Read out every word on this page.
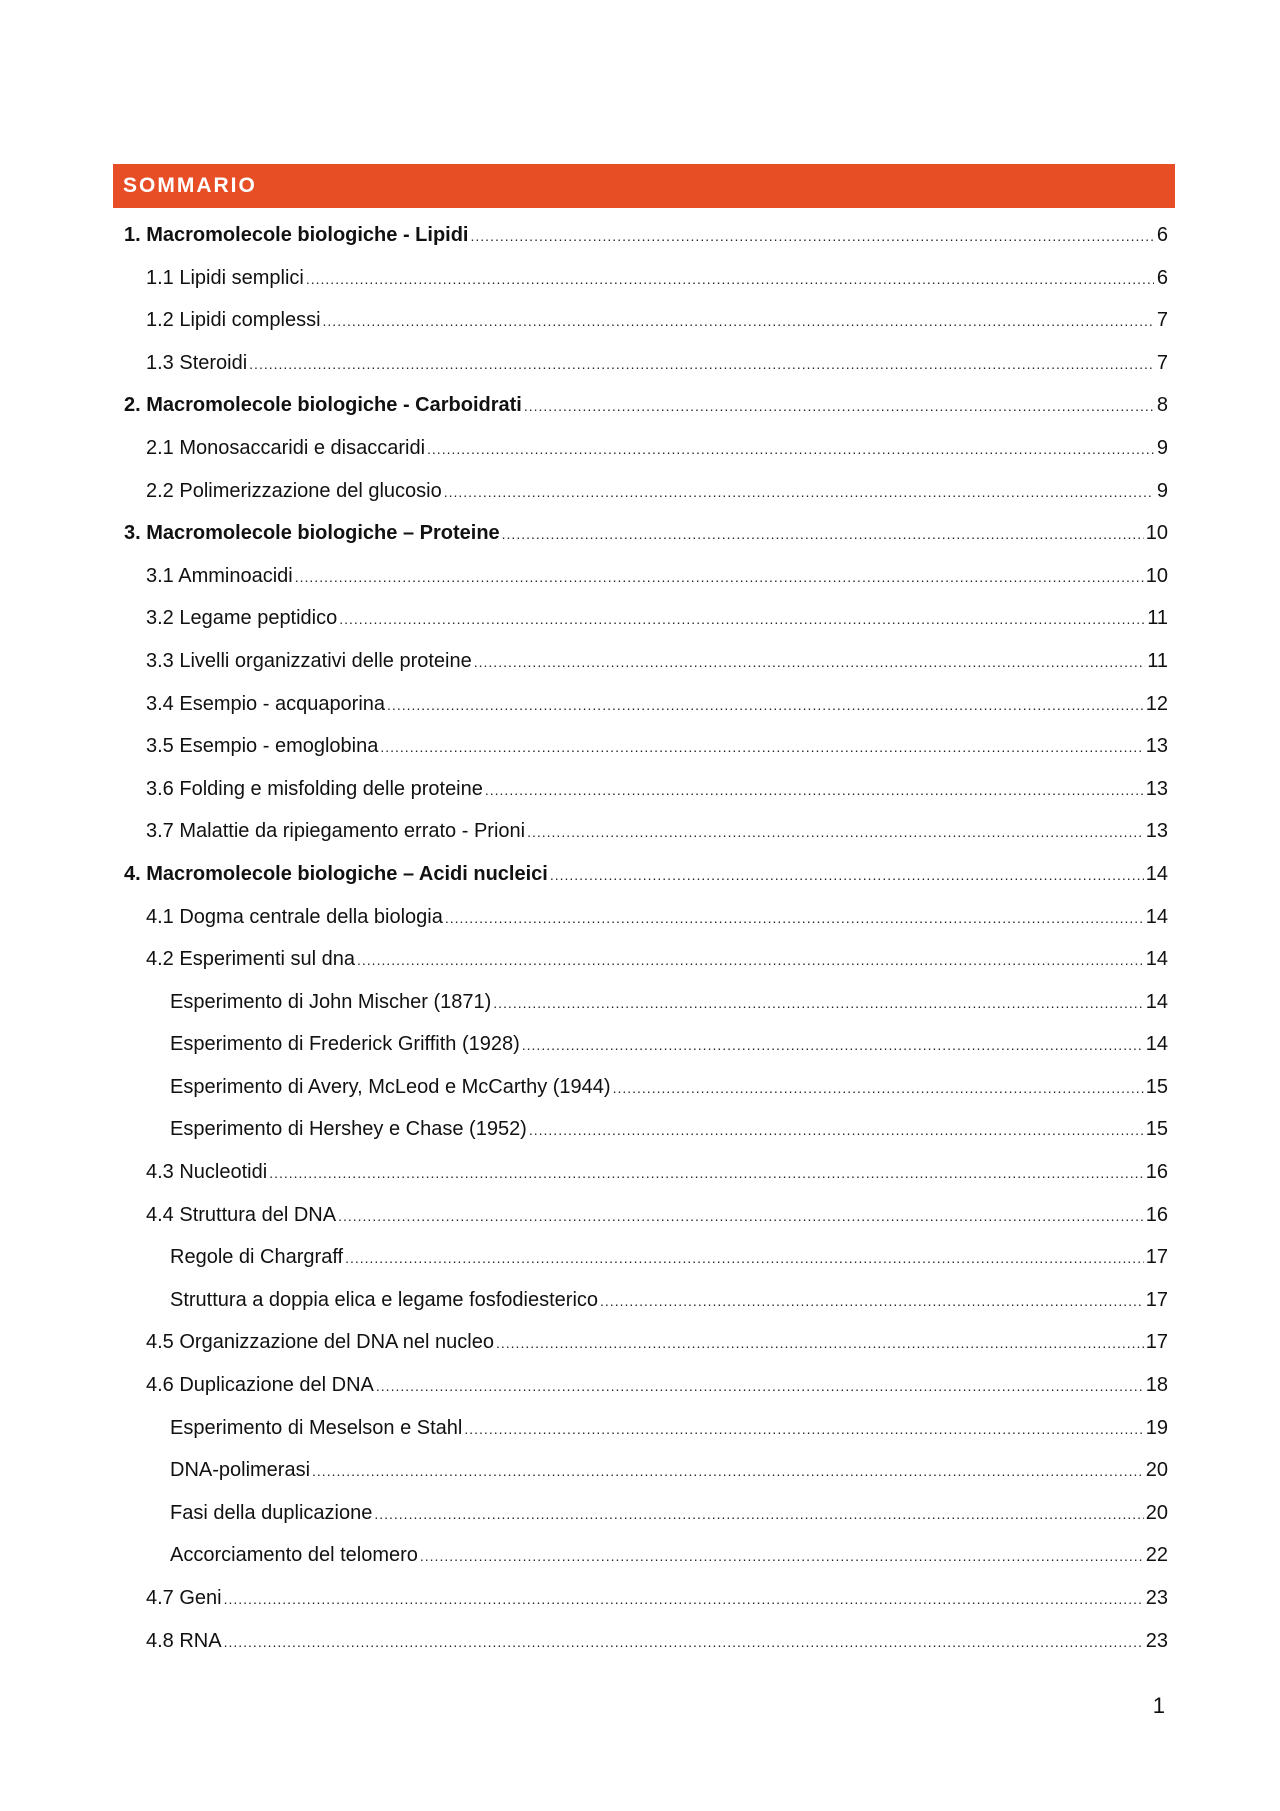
SOMMARIO
1. Macromolecole biologiche - Lipidi .....	6
1.1 Lipidi semplici .....	6
1.2 Lipidi complessi .....	7
1.3 Steroidi .....	7
2. Macromolecole biologiche - Carboidrati .....	8
2.1 Monosaccaridi e disaccaridi .....	9
2.2 Polimerizzazione del glucosio .....	9
3. Macromolecole biologiche – Proteine .....	10
3.1 Amminoacidi .....	10
3.2 Legame peptidico .....	11
3.3 Livelli organizzativi delle proteine .....	11
3.4 Esempio - acquaporina .....	12
3.5 Esempio - emoglobina .....	13
3.6 Folding e misfolding delle proteine .....	13
3.7 Malattie da ripiegamento errato - Prioni .....	13
4. Macromolecole biologiche – Acidi nucleici .....	14
4.1 Dogma centrale della biologia .....	14
4.2 Esperimenti sul dna .....	14
Esperimento di John Mischer (1871) .....	14
Esperimento di Frederick Griffith (1928) .....	14
Esperimento di Avery, McLeod e McCarthy (1944) .....	15
Esperimento di Hershey e Chase (1952) .....	15
4.3 Nucleotidi .....	16
4.4 Struttura del DNA .....	16
Regole di Chargraff .....	17
Struttura a doppia elica e legame fosfodiesterico .....	17
4.5 Organizzazione del DNA nel nucleo .....	17
4.6 Duplicazione del DNA .....	18
Esperimento di Meselson e Stahl .....	19
DNA-polimerasi .....	20
Fasi della duplicazione .....	20
Accorciamento del telomero .....	22
4.7 Geni .....	23
4.8 RNA .....	23
1
